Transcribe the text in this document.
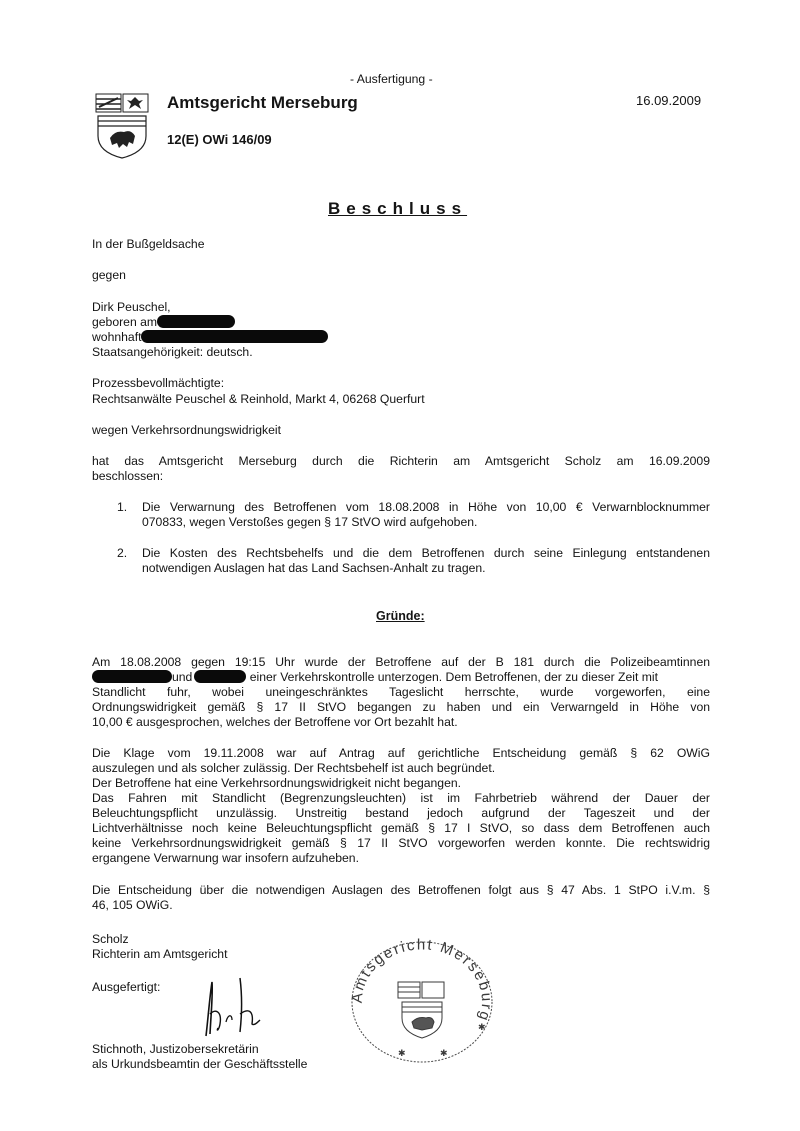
- Ausfertigung -
Amtsgericht Merseburg	16.09.2009
12(E) OWi 146/09
Beschluss
In der Bußgeldsache
gegen
Dirk Peuschel,
geboren am
wohnhaft
Staatsangehörigkeit: deutsch.
Prozessbevollmächtigte:
Rechtsanwälte Peuschel & Reinhold, Markt 4, 06268 Querfurt
wegen Verkehrsordnungswidrigkeit
hat das Amtsgericht Merseburg durch die Richterin am Amtsgericht Scholz am 16.09.2009
beschlossen:
1.	Die Verwarnung des Betroffenen vom 18.08.2008 in Höhe von 10,00 € Verwarnblocknummer
070833, wegen Verstoßes gegen § 17 StVO wird aufgehoben.
2.	Die Kosten des Rechtsbehelfs und die dem Betroffenen durch seine Einlegung entstandenen
notwendigen Auslagen hat das Land Sachsen-Anhalt zu tragen.
Gründe:
Am 18.08.2008 gegen 19:15 Uhr wurde der Betroffene auf der B 181 durch die Polizeibeamtinnen
und	einer Verkehrskontrolle unterzogen. Dem Betroffenen, der zu dieser Zeit mit
Standlicht fuhr, wobei uneingeschränktes Tageslicht herrschte, wurde vorgeworfen, eine
Ordnungswidrigkeit gemäß § 17 II StVO begangen zu haben und ein Verwarngeld in Höhe von
10,00 € ausgesprochen, welches der Betroffene vor Ort bezahlt hat.
Die Klage vom 19.11.2008 war auf Antrag auf gerichtliche Entscheidung gemäß § 62 OWiG
auszulegen und als solcher zulässig. Der Rechtsbehelf ist auch begründet.
Der Betroffene hat eine Verkehrsordnungswidrigkeit nicht begangen.
Das Fahren mit Standlicht (Begrenzungsleuchten) ist im Fahrbetrieb während der Dauer der
Beleuchtungspflicht unzulässig. Unstreitig bestand jedoch aufgrund der Tageszeit und der
Lichtverhältnisse noch keine Beleuchtungspflicht gemäß § 17 I StVO, so dass dem Betroffenen auch
keine Verkehrsordnungswidrigkeit gemäß § 17 II StVO vorgeworfen werden konnte. Die rechtswidrig
ergangene Verwarnung war insofern aufzuheben.
Die Entscheidung über die notwendigen Auslagen des Betroffenen folgt aus § 47 Abs. 1 StPO i.V.m. §
46, 105 OWiG.
Scholz
Richterin am Amtsgericht
Ausgefertigt:
Stichnoth, Justizobersekretärin
als Urkundsbeamtin der Geschäftsstelle
Amtsgericht Merseburg
✱	✱
✱
